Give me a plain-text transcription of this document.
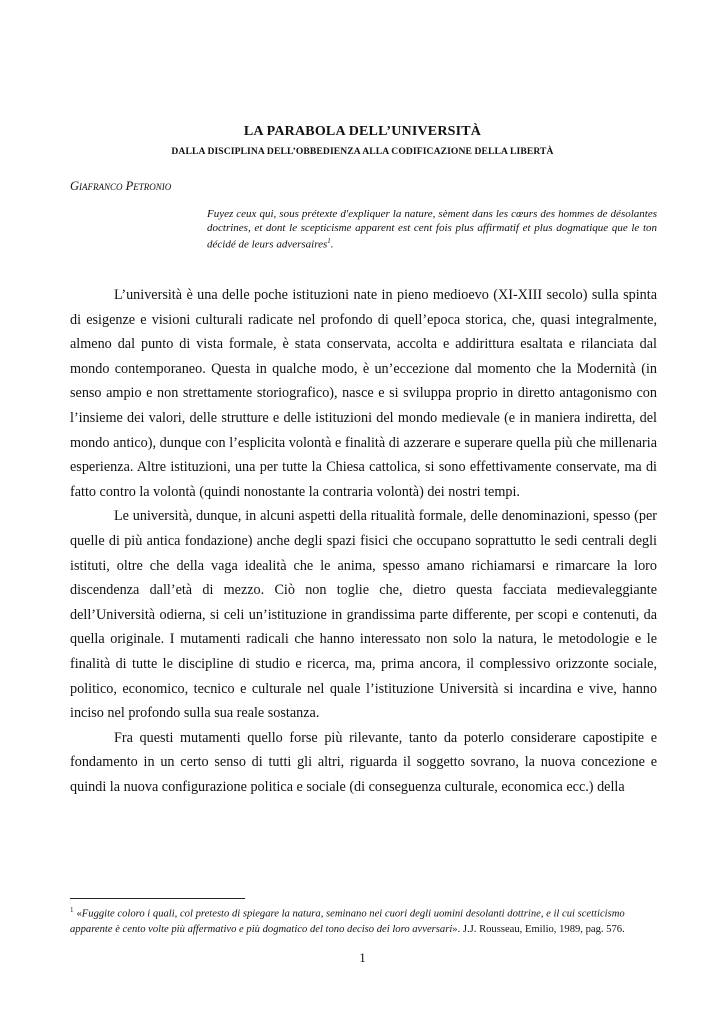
LA PARABOLA DELL’UNIVERSITÀ
DALLA DISCIPLINA DELL’OBBEDIENZA ALLA CODIFICAZIONE DELLA LIBERTÀ
Giafranco Petronio
Fuyez ceux qui, sous prétexte d'expliquer la nature, sèment dans les cœurs des hommes de désolantes doctrines, et dont le scepticisme apparent est cent fois plus affirmatif et plus dogmatique que le ton décidé de leurs adversaires$^1$.

L’università è una delle poche istituzioni nate in pieno medioevo (XI-XIII secolo) sulla spinta di esigenze e visioni culturali radicate nel profondo di quell’epoca storica, che, quasi integralmente, almeno dal punto di vista formale, è stata conservata, accolta e addirittura esaltata e rilanciata dal mondo contemporaneo. Questa in qualche modo, è un’eccezione dal momento che la Modernità (in senso ampio e non strettamente storiografico), nasce e si sviluppa proprio in diretto antagonismo con l’insieme dei valori, delle strutture e delle istituzioni del mondo medievale (e in maniera indiretta, del mondo antico), dunque con l’esplicita volontà e finalità di azzerare e superare quella più che millenaria esperienza. Altre istituzioni, una per tutte la Chiesa cattolica, si sono effettivamente conservate, ma di fatto contro la volontà (quindi nonostante la contraria volontà) dei nostri tempi.

Le università, dunque, in alcuni aspetti della ritualità formale, delle denominazioni, spesso (per quelle di più antica fondazione) anche degli spazi fisici che occupano soprattutto le sedi centrali degli istituti, oltre che della vaga idealità che le anima, spesso amano richiamarsi e rimarcare la loro discendenza dall’età di mezzo. Ciò non toglie che, dietro questa facciata medievaleggiante dell’Università odierna, si celi un’istituzione in grandissima parte differente, per scopi e contenuti, da quella originale. I mutamenti radicali che hanno interessato non solo la natura, le metodologie e le finalità di tutte le discipline di studio e ricerca, ma, prima ancora, il complessivo orizzonte sociale, politico, economico, tecnico e culturale nel quale l’istituzione Università si incardina e vive, hanno inciso nel profondo sulla sua reale sostanza.

Fra questi mutamenti quello forse più rilevante, tanto da poterlo considerare capostipite e fondamento in un certo senso di tutti gli altri, riguarda il soggetto sovrano, la nuova concezione e quindi la nuova configurazione politica e sociale (di conseguenza culturale, economica ecc.) della

$^1$ «Fuggite coloro i quali, col pretesto di spiegare la natura, seminano nei cuori degli uomini desolanti dottrine, e il cui scetticismo apparente è cento volte più affermativo e più dogmatico del tono deciso dei loro avversari». J.J. Rousseau, Emilio, 1989, pag. 576.
1
